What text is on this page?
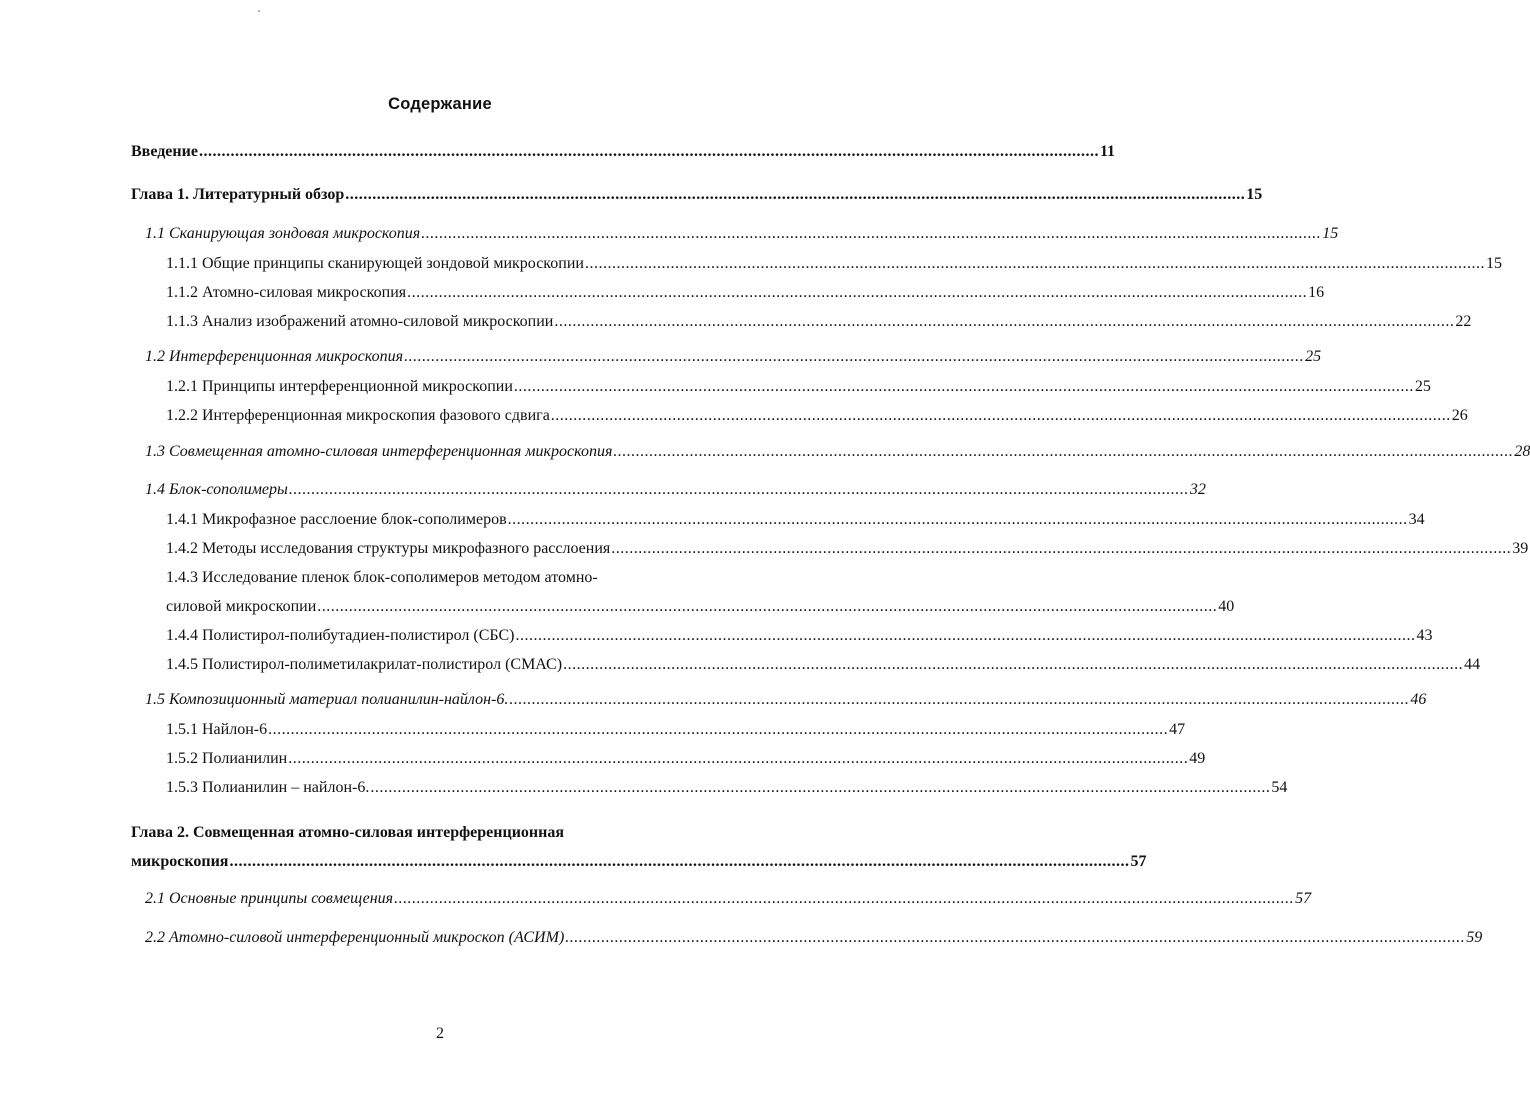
Содержание
Введение ........................................................................................................................................................................................................ 11
Глава 1. Литературный обзор ........................................................................................................................................................................................................ 15
1.1 Сканирующая зондовая микроскопия ........................................................................................................................................................................................................ 15
1.1.1 Общие принципы сканирующей зондовой микроскопии ........................................................................................................................................................................................................ 15
1.1.2 Атомно-силовая микроскопия ........................................................................................................................................................................................................ 16
1.1.3 Анализ изображений атомно-силовой микроскопии ........................................................................................................................................................................................................ 22
1.2 Интерференционная микроскопия ........................................................................................................................................................................................................ 25
1.2.1 Принципы интерференционной микроскопии ........................................................................................................................................................................................................ 25
1.2.2 Интерференционная микроскопия фазового сдвига ........................................................................................................................................................................................................ 26
1.3 Совмещенная атомно-силовая интерференционная микроскопия ........................................................................................................................................................................................................ 28
1.4 Блок-сополимеры ........................................................................................................................................................................................................ 32
1.4.1 Микрофазное расслоение блок-сополимеров ........................................................................................................................................................................................................ 34
1.4.2 Методы исследования структуры микрофазного расслоения ........................................................................................................................................................................................................ 39
1.4.3 Исследование пленок блок-сополимеров методом атомно-
силовой микроскопии ........................................................................................................................................................................................................ 40
1.4.4 Полистирол-полибутадиен-полистирол (СБС) ........................................................................................................................................................................................................ 43
1.4.5 Полистирол-полиметилакрилат-полистирол (СМАС) ........................................................................................................................................................................................................ 44
1.5 Композиционный материал полианилин-найлон-6. ........................................................................................................................................................................................................ 46
1.5.1 Найлон-6 ........................................................................................................................................................................................................ 47
1.5.2 Полианилин ........................................................................................................................................................................................................ 49
1.5.3 Полианилин – найлон-6. ........................................................................................................................................................................................................ 54
Глава 2. Совмещенная атомно-силовая интерференционная
микроскопия ........................................................................................................................................................................................................ 57
2.1 Основные принципы совмещения ........................................................................................................................................................................................................ 57
2.2 Атомно-силовой интерференционный микроскоп (АСИМ) ........................................................................................................................................................................................................ 59
2
